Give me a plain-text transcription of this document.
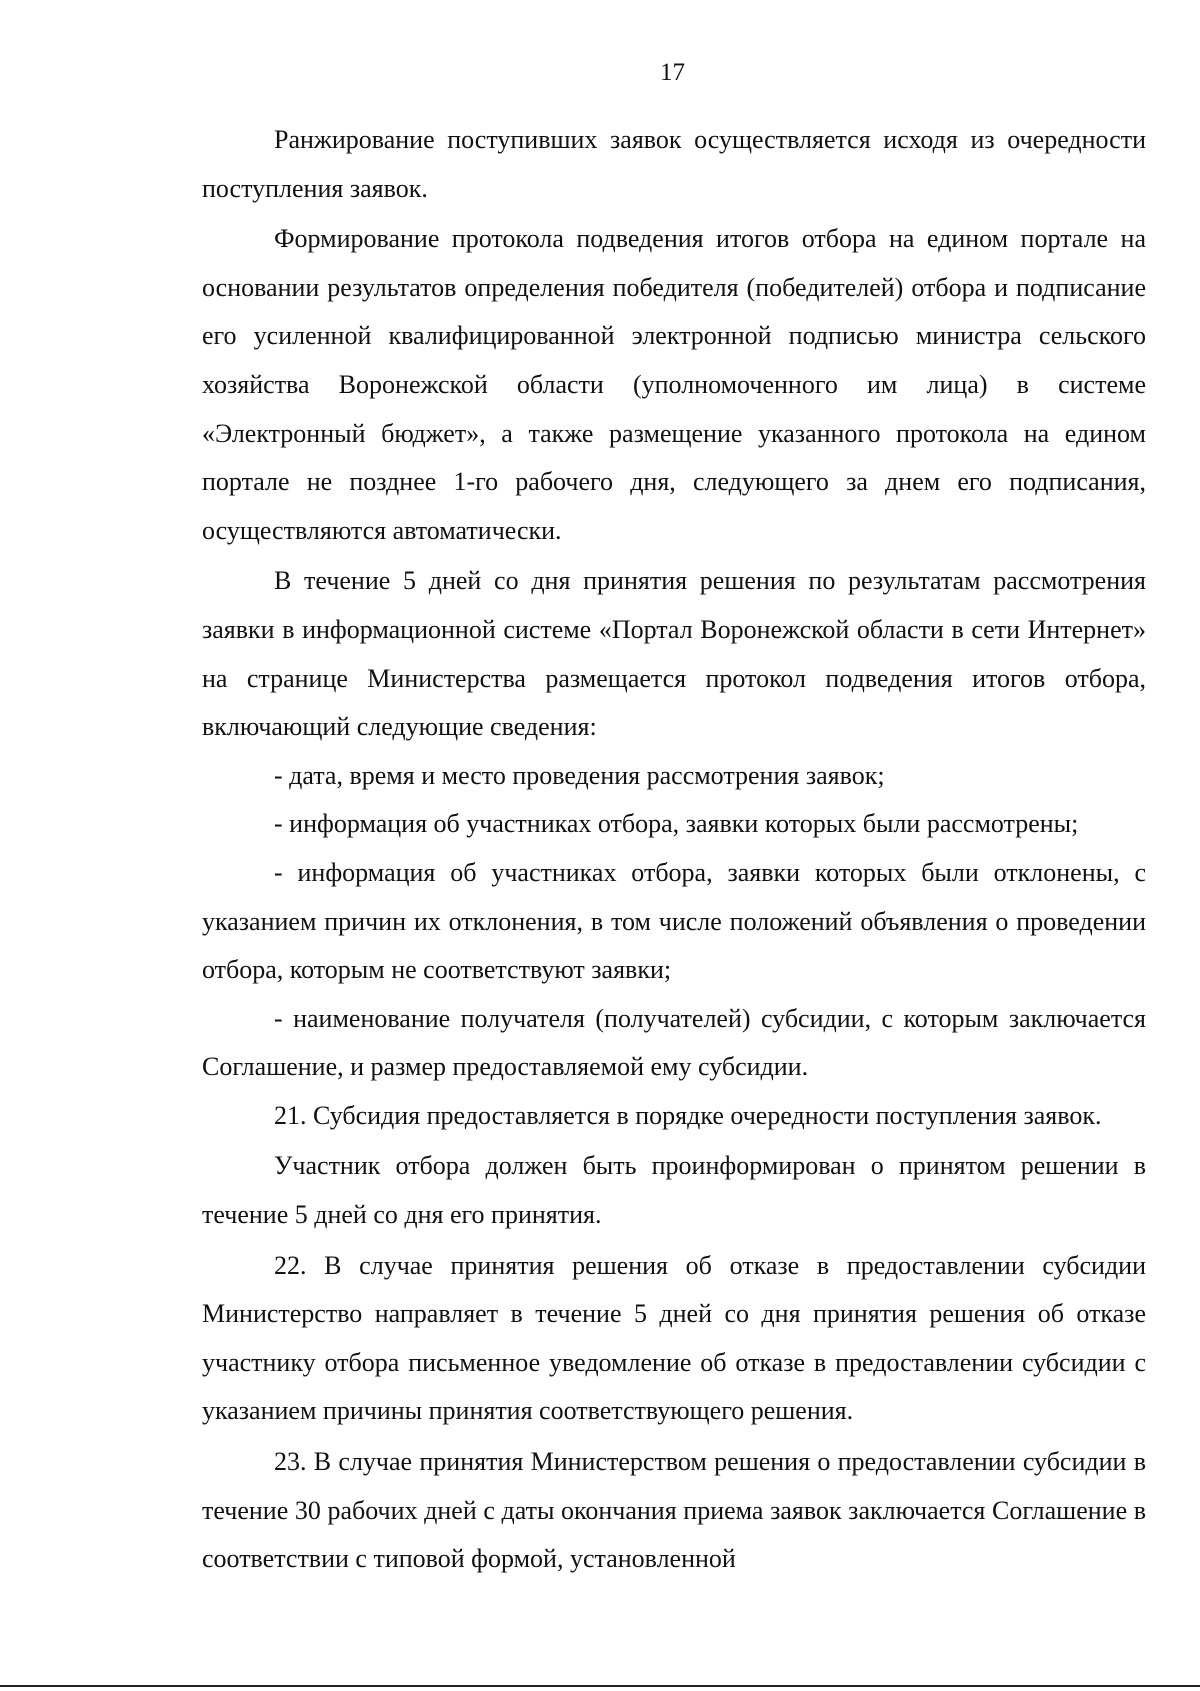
17

Ранжирование поступивших заявок осуществляется исходя из очередности поступления заявок.

Формирование протокола подведения итогов отбора на едином портале на основании результатов определения победителя (победителей) отбора и подписание его усиленной квалифицированной электронной подписью министра сельского хозяйства Воронежской области (уполномоченного им лица) в системе «Электронный бюджет», а также размещение указанного протокола на едином портале не позднее 1-го рабочего дня, следующего за днем его подписания, осуществляются автоматически.

В течение 5 дней со дня принятия решения по результатам рассмотрения заявки в информационной системе «Портал Воронежской области в сети Интернет» на странице Министерства размещается протокол подведения итогов отбора, включающий следующие сведения:

- дата, время и место проведения рассмотрения заявок;

- информация об участниках отбора, заявки которых были рассмотрены;

- информация об участниках отбора, заявки которых были отклонены, с указанием причин их отклонения, в том числе положений объявления о проведении отбора, которым не соответствуют заявки;

- наименование получателя (получателей) субсидии, с которым заключается Соглашение, и размер предоставляемой ему субсидии.

21. Субсидия предоставляется в порядке очередности поступления заявок.

Участник отбора должен быть проинформирован о принятом решении в течение 5 дней со дня его принятия.

22. В случае принятия решения об отказе в предоставлении субсидии Министерство направляет в течение 5 дней со дня принятия решения об отказе участнику отбора письменное уведомление об отказе в предоставлении субсидии с указанием причины принятия соответствующего решения.

23. В случае принятия Министерством решения о предоставлении субсидии в течение 30 рабочих дней с даты окончания приема заявок заключается Соглашение в соответствии с типовой формой, установленной
